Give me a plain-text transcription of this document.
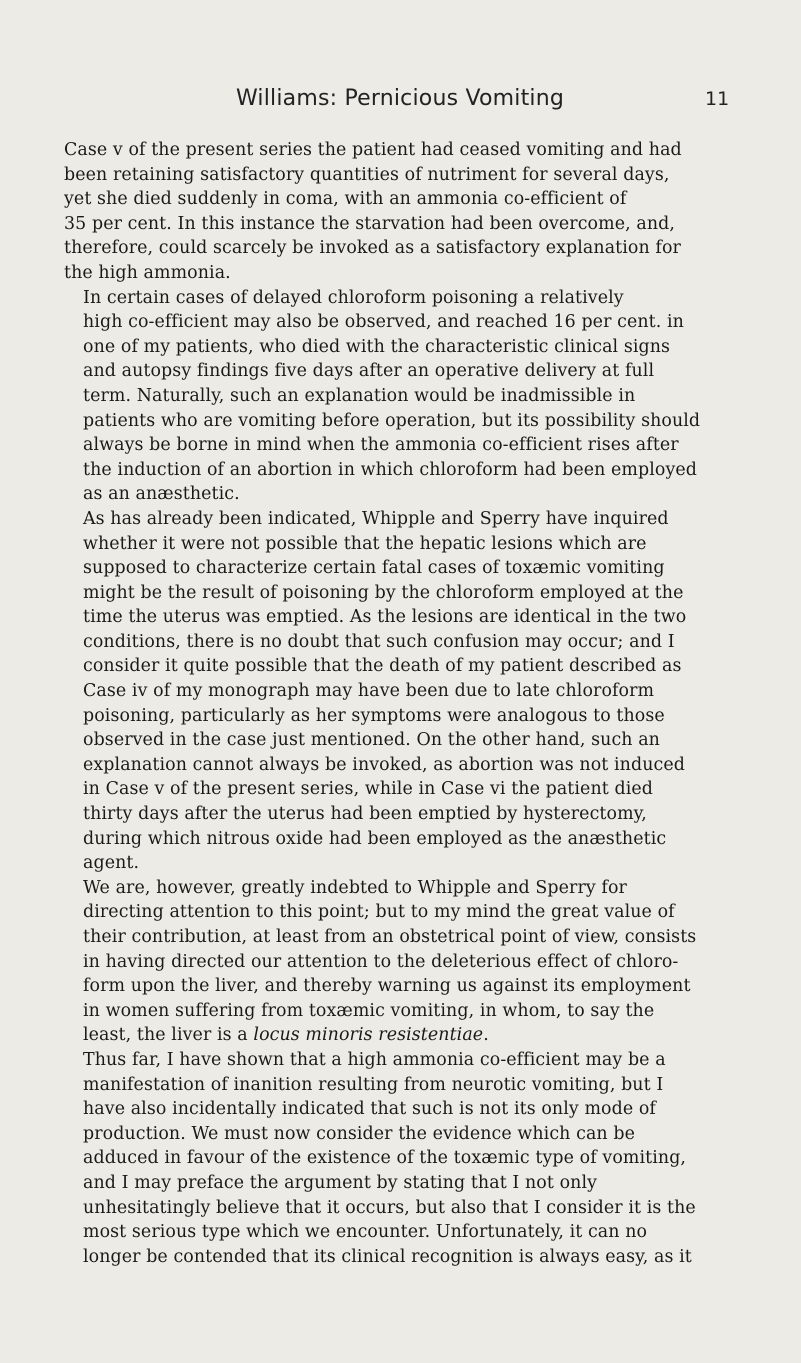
Williams: Pernicious Vomiting	11

Case v of the present series the patient had ceased vomiting and had
been retaining satisfactory quantities of nutriment for several days,
yet she died suddenly in coma, with an ammonia co-efficient of
35 per cent. In this instance the starvation had been overcome, and,
therefore, could scarcely be invoked as a satisfactory explanation for
the high ammonia.

In certain cases of delayed chloroform poisoning a relatively
high co-efficient may also be observed, and reached 16 per cent. in
one of my patients, who died with the characteristic clinical signs
and autopsy findings five days after an operative delivery at full
term. Naturally, such an explanation would be inadmissible in
patients who are vomiting before operation, but its possibility should
always be borne in mind when the ammonia co-efficient rises after
the induction of an abortion in which chloroform had been employed
as an anæsthetic.

As has already been indicated, Whipple and Sperry have inquired
whether it were not possible that the hepatic lesions which are
supposed to characterize certain fatal cases of toxæmic vomiting
might be the result of poisoning by the chloroform employed at the
time the uterus was emptied. As the lesions are identical in the two
conditions, there is no doubt that such confusion may occur; and I
consider it quite possible that the death of my patient described as
Case iv of my monograph may have been due to late chloroform
poisoning, particularly as her symptoms were analogous to those
observed in the case just mentioned. On the other hand, such an
explanation cannot always be invoked, as abortion was not induced
in Case v of the present series, while in Case vi the patient died
thirty days after the uterus had been emptied by hysterectomy,
during which nitrous oxide had been employed as the anæsthetic
agent.

We are, however, greatly indebted to Whipple and Sperry for
directing attention to this point; but to my mind the great value of
their contribution, at least from an obstetrical point of view, consists
in having directed our attention to the deleterious effect of chloro-
form upon the liver, and thereby warning us against its employment
in women suffering from toxæmic vomiting, in whom, to say the
least, the liver is a locus minoris resistentiae.

Thus far, I have shown that a high ammonia co-efficient may be a
manifestation of inanition resulting from neurotic vomiting, but I
have also incidentally indicated that such is not its only mode of
production. We must now consider the evidence which can be
adduced in favour of the existence of the toxæmic type of vomiting,
and I may preface the argument by stating that I not only
unhesitatingly believe that it occurs, but also that I consider it is the
most serious type which we encounter. Unfortunately, it can no
longer be contended that its clinical recognition is always easy, as it
